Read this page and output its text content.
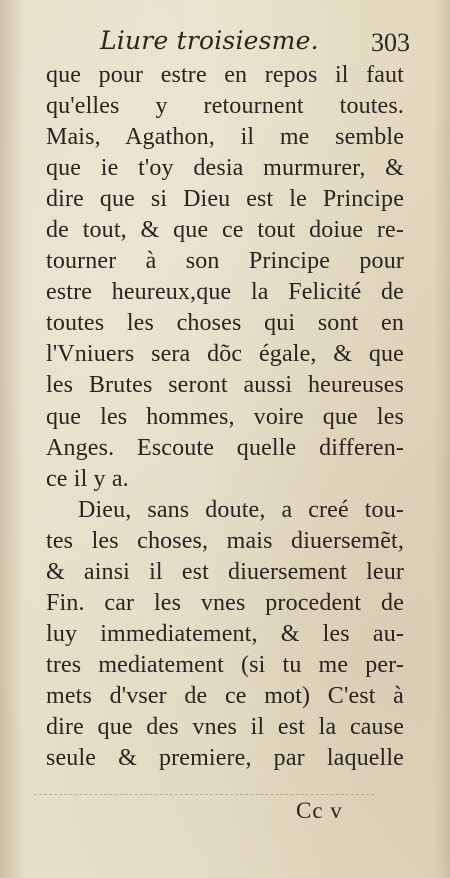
Liure troisiesme. 303
que pour estre en repos il faut
qu'elles y retournent toutes.
Mais, Agathon, il me semble
que ie t'oy desia murmurer, &
dire que si Dieu est le Principe
de tout, & que ce tout doiue re-
tourner à son Principe pour
estre heureux,que la Felicité de
toutes les choses qui sont en
l'Vniuers sera dõc égale, & que
les Brutes seront aussi heureuses
que les hommes, voire que les
Anges. Escoute quelle differen-
ce il y a.
Dieu, sans doute, a creé tou-
tes les choses, mais diuersemẽt,
& ainsi il est diuersement leur
Fin. car les vnes procedent de
luy immediatement, & les au-
tres mediatement (si tu me per-
mets d'vser de ce mot) C'est à
dire que des vnes il est la cause
seule & premiere, par laquelle
Cc v
